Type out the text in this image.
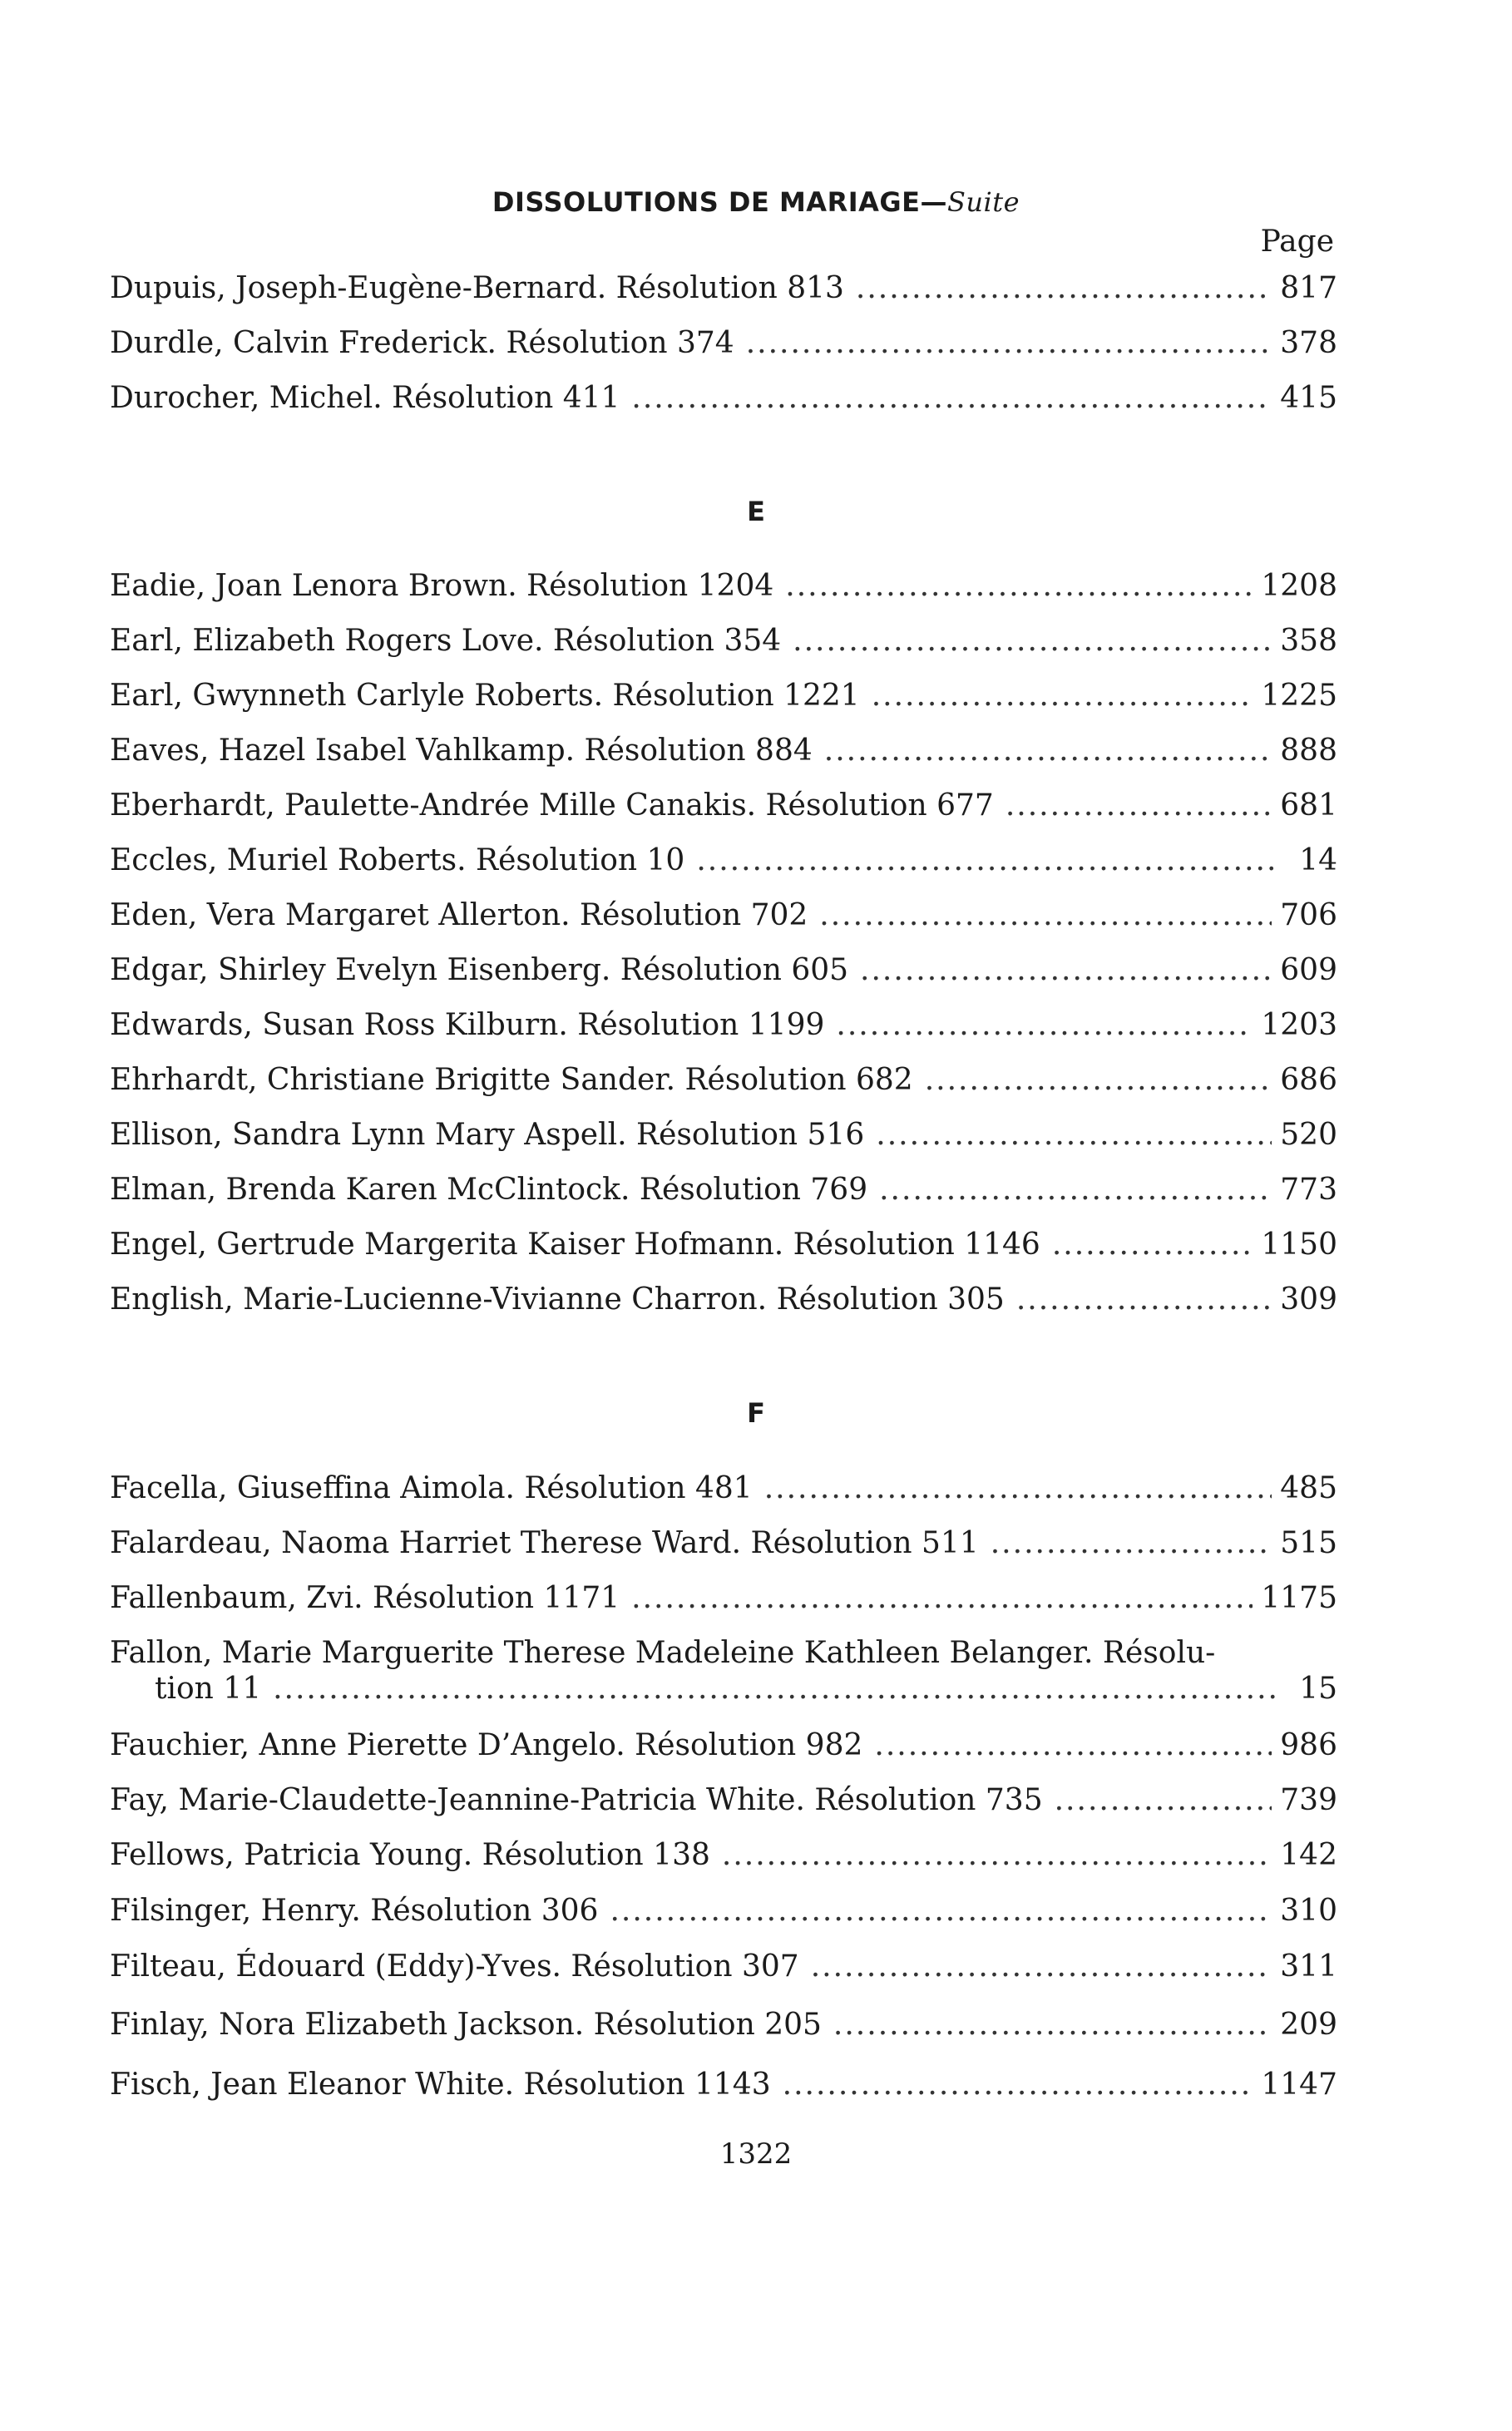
DISSOLUTIONS DE MARIAGE—Suite
Page
Dupuis, Joseph-Eugène-Bernard. Résolution 813 .....	817
Durdle, Calvin Frederick. Résolution 374 .....	378
Durocher, Michel. Résolution 411 .....	415
E
Eadie, Joan Lenora Brown. Résolution 1204 .....	1208
Earl, Elizabeth Rogers Love. Résolution 354 .....	358
Earl, Gwynneth Carlyle Roberts. Résolution 1221 .....	1225
Eaves, Hazel Isabel Vahlkamp. Résolution 884 .....	888
Eberhardt, Paulette-Andrée Mille Canakis. Résolution 677 .....	681
Eccles, Muriel Roberts. Résolution 10 .....	14
Eden, Vera Margaret Allerton. Résolution 702 .....	706
Edgar, Shirley Evelyn Eisenberg. Résolution 605 .....	609
Edwards, Susan Ross Kilburn. Résolution 1199 .....	1203
Ehrhardt, Christiane Brigitte Sander. Résolution 682 .....	686
Ellison, Sandra Lynn Mary Aspell. Résolution 516 .....	520
Elman, Brenda Karen McClintock. Résolution 769 .....	773
Engel, Gertrude Margerita Kaiser Hofmann. Résolution 1146 .....	1150
English, Marie-Lucienne-Vivianne Charron. Résolution 305 .....	309
F
Facella, Giuseffina Aimola. Résolution 481 .....	485
Falardeau, Naoma Harriet Therese Ward. Résolution 511 .....	515
Fallenbaum, Zvi. Résolution 1171 .....	1175
Fallon, Marie Marguerite Therese Madeleine Kathleen Belanger. Résolu-
tion 11 .....	15
Fauchier, Anne Pierette D’Angelo. Résolution 982 .....	986
Fay, Marie-Claudette-Jeannine-Patricia White. Résolution 735 .....	739
Fellows, Patricia Young. Résolution 138 .....	142
Filsinger, Henry. Résolution 306 .....	310
Filteau, Édouard (Eddy)-Yves. Résolution 307 .....	311
Finlay, Nora Elizabeth Jackson. Résolution 205 .....	209
Fisch, Jean Eleanor White. Résolution 1143 .....	1147
1322
